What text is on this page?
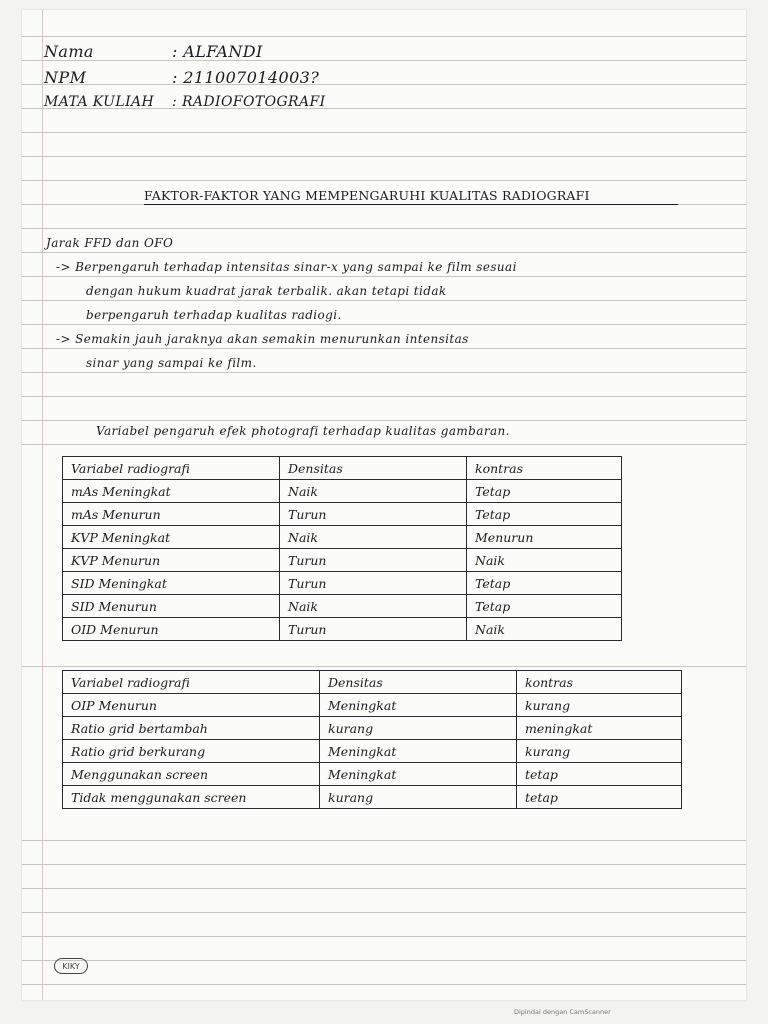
Nama	: ALFANDI
NPM	: 211007014003?
MATA KULIAH : RADIOFOTOGRAFI
FAKTOR-FAKTOR YANG MEMPENGARUHI KUALITAS RADIOGRAFI
Jarak FFD dan OFO
-> Berpengaruh terhadap intensitas sinar-x yang sampai ke film sesuai
dengan hukum kuadrat jarak terbalik. akan tetapi tidak
berpengaruh terhadap kualitas radiogi.
-> Semakin jauh jaraknya akan semakin menurunkan intensitas
sinar yang sampai ke film.
Variabel pengaruh efek photografi terhadap kualitas gambaran.
Variabel radiografi	Densitas	kontras
mAs Meningkat	Naik	Tetap
mAs Menurun	Turun	Tetap
KVP Meningkat	Naik	Menurun
KVP Menurun	Turun	Naik
SID Meningkat	Turun	Tetap
SID Menurun	Naik	Tetap
OID Menurun	Turun	Naik
Variabel radiografi	Densitas	kontras
OIP Menurun	Meningkat	kurang
Ratio grid bertambah	kurang	meningkat
Ratio grid berkurang	Meningkat	kurang
Menggunakan screen	Meningkat	tetap
Tidak menggunakan screen	kurang	tetap
KIKY
Dipindai dengan CamScanner
